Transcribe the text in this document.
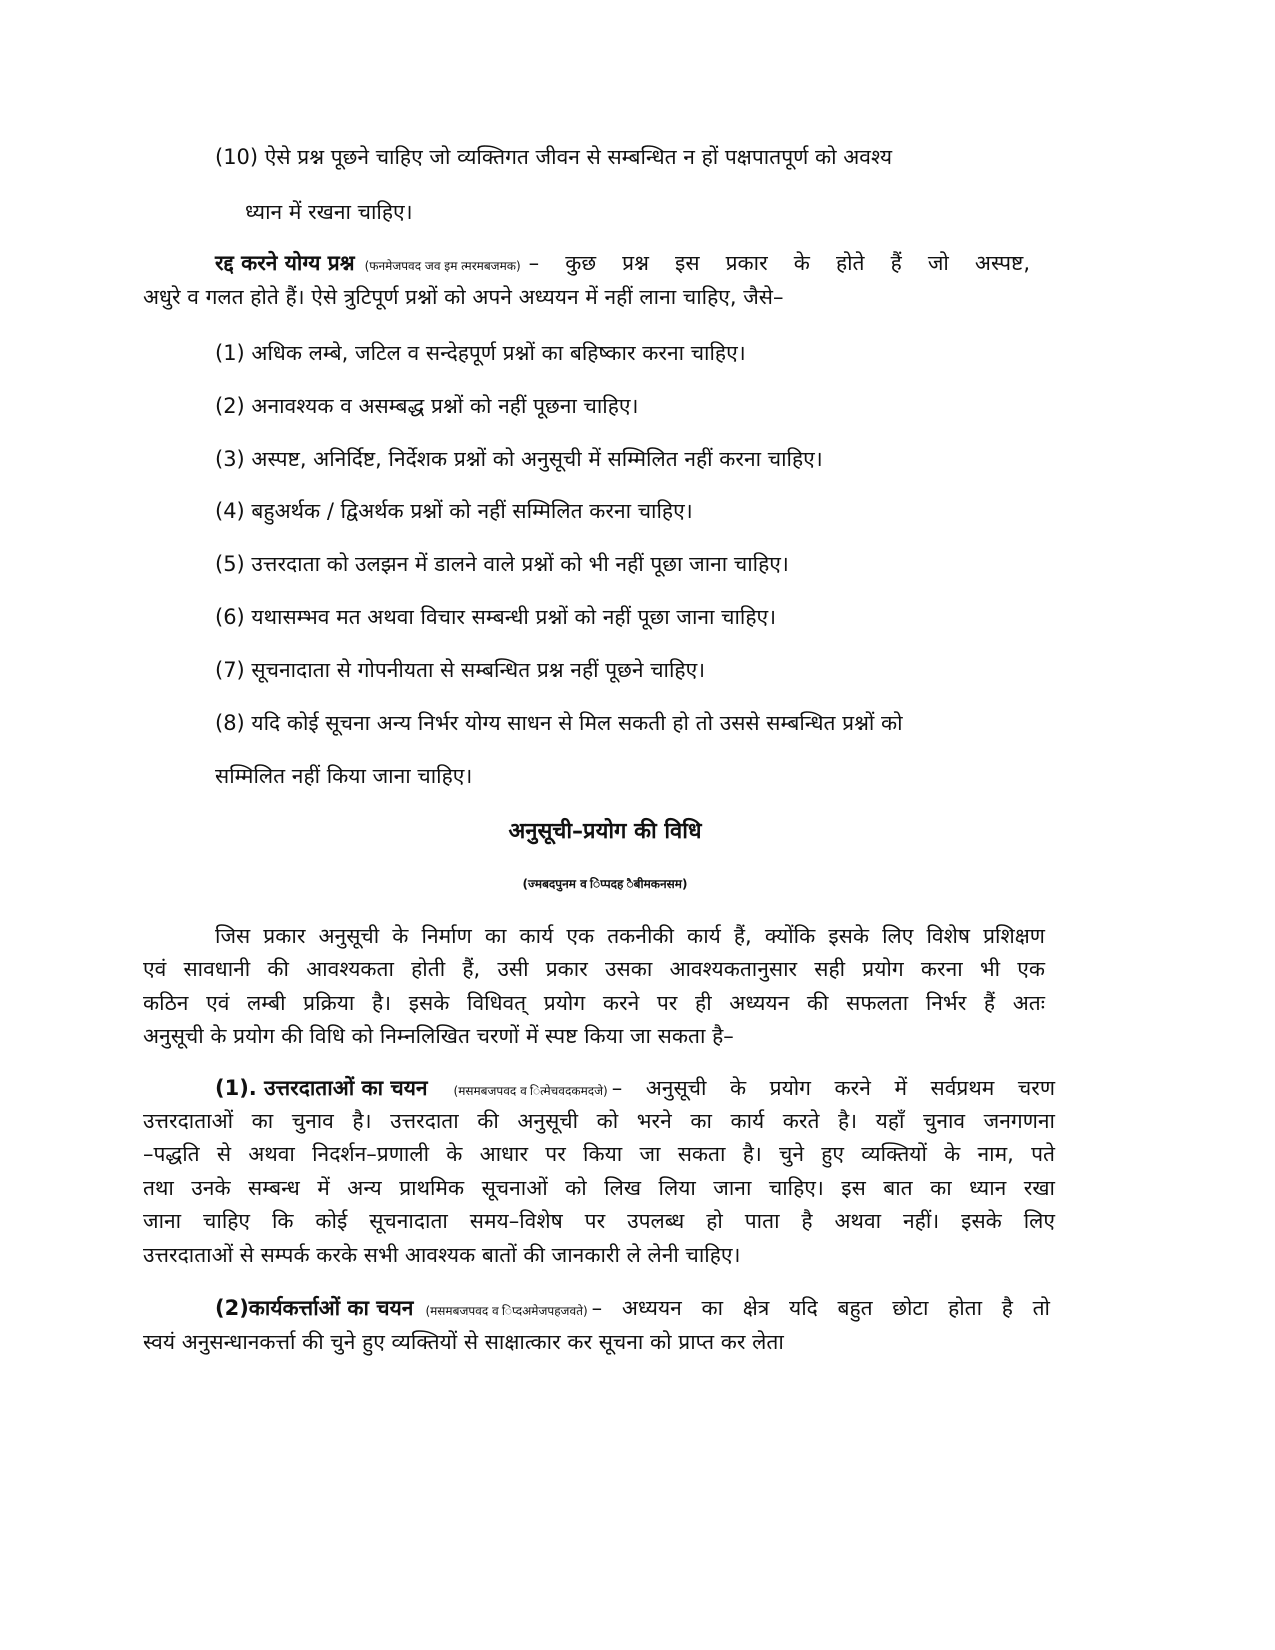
(10) ऐसे प्रश्न पूछने चाहिए जो व्यक्तिगत जीवन से सम्बन्धित न हों पक्षपातपूर्ण को अवश्य
ध्यान में रखना चाहिए।
रद्द करने योग्य प्रश्न (फनमेजपवद जव इम त्मरमबजमक) – कुछ प्रश्न इस प्रकार के होते हैं जो अस्पष्ट,
अधुरे व गलत होते हैं। ऐसे त्रुटिपूर्ण प्रश्नों को अपने अध्ययन में नहीं लाना चाहिए, जैसे–
(1) अधिक लम्बे, जटिल व सन्देहपूर्ण प्रश्नों का बहिष्कार करना चाहिए।
(2) अनावश्यक व असम्बद्ध प्रश्नों को नहीं पूछना चाहिए।
(3) अस्पष्ट, अनिर्दिष्ट, निर्देशक प्रश्नों को अनुसूची में सम्मिलित नहीं करना चाहिए।
(4) बहुअर्थक / द्विअर्थक प्रश्नों को नहीं सम्मिलित करना चाहिए।
(5) उत्तरदाता को उलझन में डालने वाले प्रश्नों को भी नहीं पूछा जाना चाहिए।
(6) यथासम्भव मत अथवा विचार सम्बन्धी प्रश्नों को नहीं पूछा जाना चाहिए।
(7) सूचनादाता से गोपनीयता से सम्बन्धित प्रश्न नहीं पूछने चाहिए।
(8) यदि कोई सूचना अन्य निर्भर योग्य साधन से मिल सकती हो तो उससे सम्बन्धित प्रश्नों को
सम्मिलित नहीं किया जाना चाहिए।
अनुसूची–प्रयोग की विधि
(ज्मबदपुनम व िंप्पदह ैबीमकनसम)
जिस प्रकार अनुसूची के निर्माण का कार्य एक तकनीकी कार्य हैं, क्योंकि इसके लिए विशेष प्रशिक्षण
एवं सावधानी की आवश्यकता होती हैं, उसी प्रकार उसका आवश्यकतानुसार सही प्रयोग करना भी एक
कठिन एवं लम्बी प्रक्रिया है। इसके विधिवत् प्रयोग करने पर ही अध्ययन की सफलता निर्भर हैं अतः
अनुसूची के प्रयोग की विधि को निम्नलिखित चरणों में स्पष्ट किया जा सकता है–
(1). उत्तरदाताओं का चयन (मसमबजपवद व ित्मेचवदकमदजे) – अनुसूची के प्रयोग करने में सर्वप्रथम चरण
उत्तरदाताओं का चुनाव है। उत्तरदाता की अनुसूची को भरने का कार्य करते है। यहाँ चुनाव जनगणना
–पद्धति से अथवा निदर्शन–प्रणाली के आधार पर किया जा सकता है। चुने हुए व्यक्तियों के नाम, पते
तथा उनके सम्बन्ध में अन्य प्राथमिक सूचनाओं को लिख लिया जाना चाहिए। इस बात का ध्यान रखा
जाना चाहिए कि कोई सूचनादाता समय–विशेष पर उपलब्ध हो पाता है अथवा नहीं। इसके लिए
उत्तरदाताओं से सम्पर्क करके सभी आवश्यक बातों की जानकारी ले लेनी चाहिए।
(2)कार्यकर्त्ताओं का चयन (मसमबजपवद व िप्दअमेजपहजवते) – अध्ययन का क्षेत्र यदि बहुत छोटा होता है तो
स्वयं अनुसन्धानकर्त्ता की चुने हुए व्यक्तियों से साक्षात्कार कर सूचना को प्राप्त कर लेता
